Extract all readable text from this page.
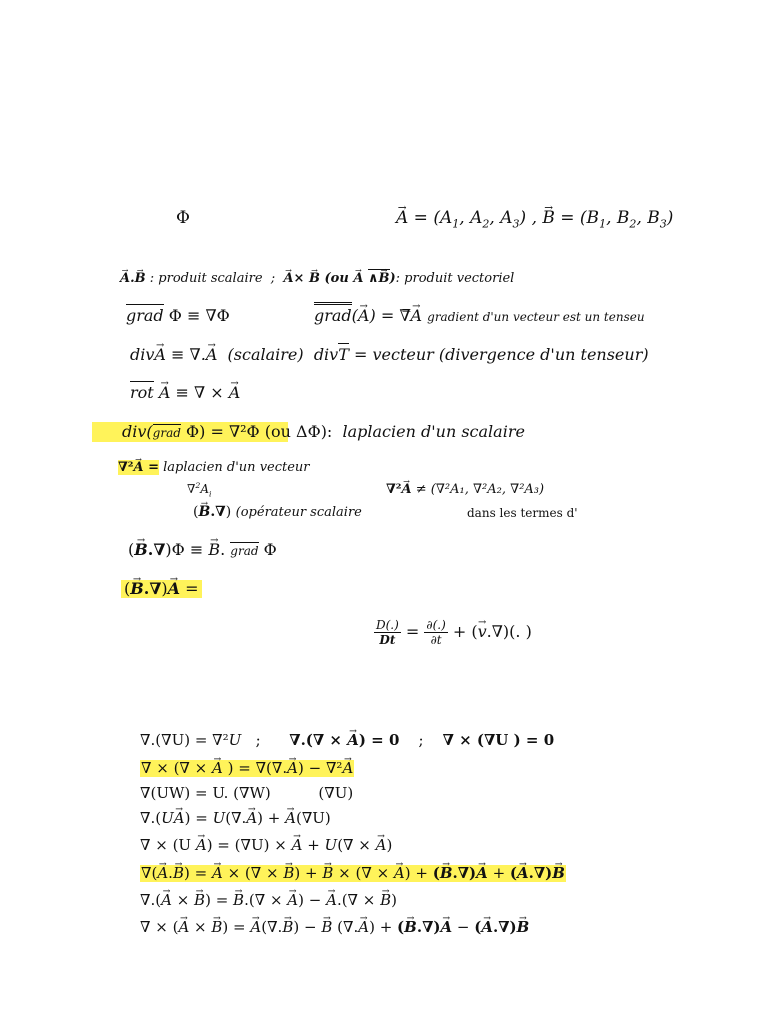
Φ	→ $A = (A_1$, $A_2$, $A_3$) , → $B = (B_1$, $B_2$, $B_3$)
→ A.→ B : produit scalaire ; → A× → B (ou → A ∧→ B): produit vectoriel
grad Φ ≡ ∇Φ	grad(→ A) = ∇̿→ A gradient d'un vecteur est un tenseu
div→ A ≡ ∇.→ A (scalaire) divT = vecteur (divergence d'un tenseur)
rot → A ≡ ∇ × → A
div(grad Φ) = ∇²Φ (ou ΔΦ): laplacien d'un scalaire
∇²→ A = laplacien d'un vecteur
$\nabla^2A_i$	∇²→ A ≠ (∇²A₁, ∇²A₂, ∇²A₃)
(→ B.∇) (opérateur scalaire	dans les termes d'
(→ B.∇)Φ ≡ → B. grad Φ
(→ B.∇)→ A =
$\frac{D(.)}{Dt} = \frac{\partial(.)}{\partial t}$ + (→ v.∇)(. )
∇.(∇U) = ∇²U   ;      ∇.(∇ × → A) = 0    ;    ∇ × (∇U ) = 0
∇ × (∇ × → A ) = ∇(∇.→ A) − ∇²→ A
∇(UW) = U. (∇W)          (∇U)
∇.(U→ A) = U(∇.→ A) + → A(∇U)
∇ × (U → A) = (∇U) × → A + U(∇ × → A)
∇(→ A.→ B) = → A × (∇ × → B) + → B × (∇ × → A) + (→ B.∇)→ A + (→ A.∇)→ B
∇.(→ A × → B) = → B.(∇ × → A) − → A.(∇ × → B)
∇ × (→ A × → B) = → A(∇.→ B) − → B (∇.→ A) + (→ B.∇)→ A − (→ A.∇)→ B
